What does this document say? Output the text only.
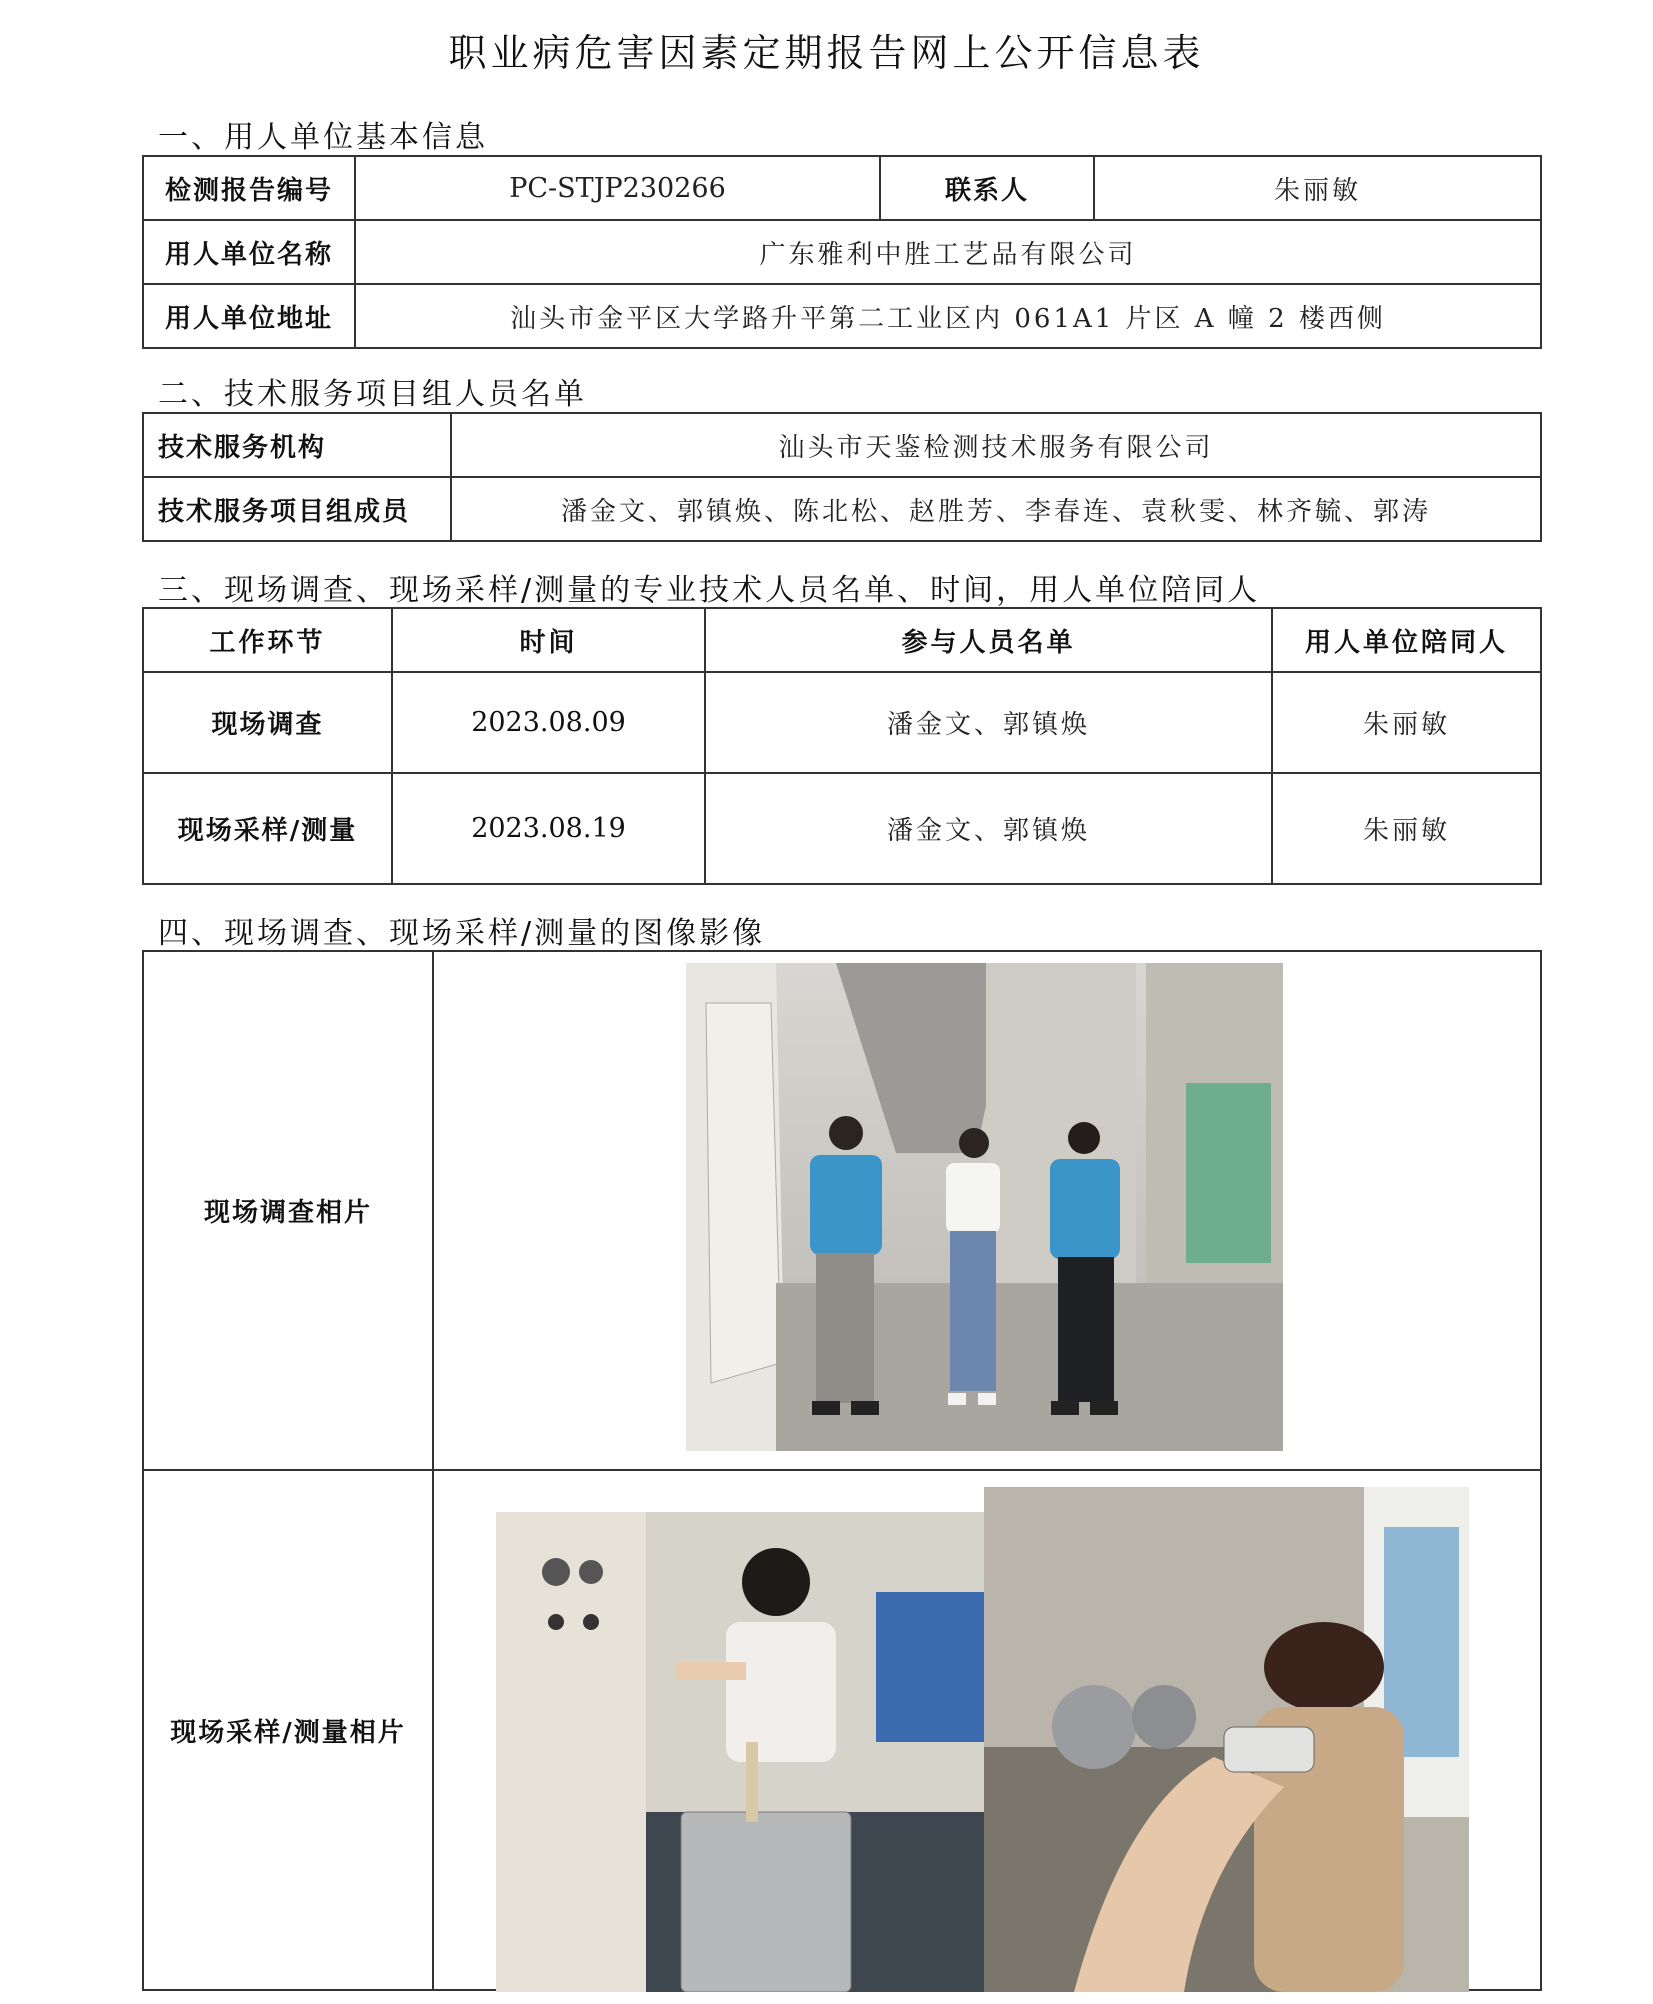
职业病危害因素定期报告网上公开信息表
一、用人单位基本信息
检测报告编号	PC-STJP230266	联系人	朱丽敏
用人单位名称	广东雅利中胜工艺品有限公司		
用人单位地址	汕头市金平区大学路升平第二工业区内 061A1 片区 A 幢 2 楼西侧		
二、技术服务项目组人员名单
技术服务机构	汕头市天鉴检测技术服务有限公司
技术服务项目组成员	潘金文、郭镇焕、陈北松、赵胜芳、李春连、袁秋雯、林齐毓、郭涛
三、现场调查、现场采样/测量的专业技术人员名单、时间，用人单位陪同人
工作环节	时间	参与人员名单	用人单位陪同人
现场调查	2023.08.09	潘金文、郭镇焕	朱丽敏
现场采样/测量	2023.08.19	潘金文、郭镇焕	朱丽敏
四、现场调查、现场采样/测量的图像影像
现场调查相片	
现场采样/测量相片	
